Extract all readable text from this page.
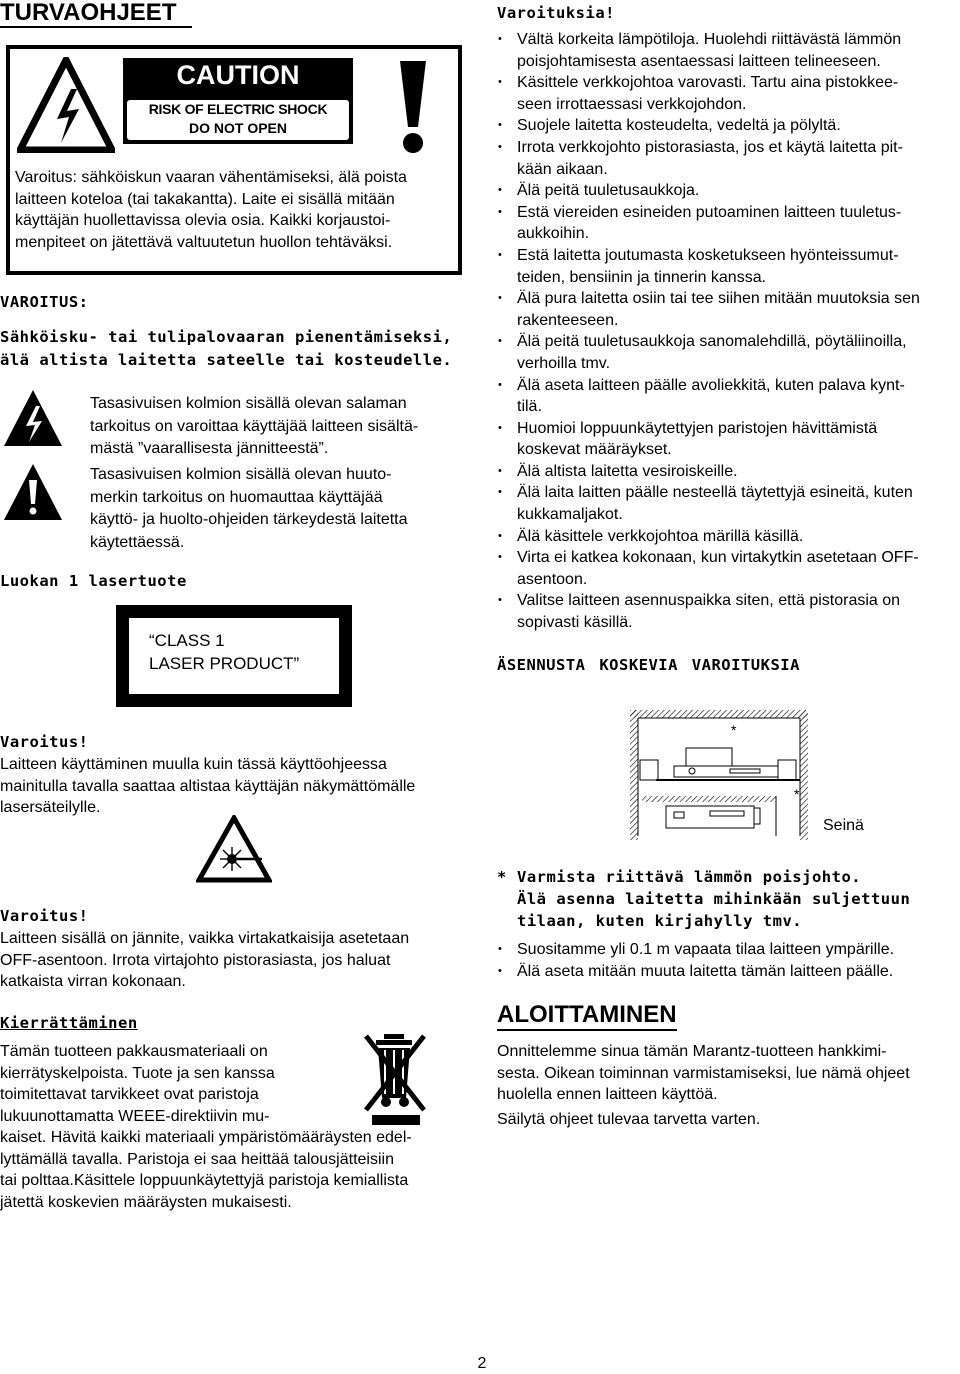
TURVAOHJEET
CAUTION
RISK OF ELECTRIC SHOCK
DO NOT OPEN
Varoitus: sähköiskun vaaran vähentämiseksi, älä poista
laitteen koteloa (tai takakantta). Laite ei sisällä mitään
käyttäjän huollettavissa olevia osia. Kaikki korjaustoi-
menpiteet on jätettävä valtuutetun huollon tehtäväksi.
VAROITUS:
Sähköisku- tai tulipalovaaran pienentämiseksi,
älä altista laitetta sateelle tai kosteudelle.
Tasasivuisen kolmion sisällä olevan salaman
tarkoitus on varoittaa käyttäjää laitteen sisältä-
mästä ”vaarallisesta jännitteestä”.
Tasasivuisen kolmion sisällä olevan huuto-
merkin tarkoitus on huomauttaa käyttäjää
käyttö- ja huolto-ohjeiden tärkeydestä laitetta
käytettäessä.
Luokan 1 lasertuote
“CLASS 1
LASER PRODUCT”
Varoitus!
Laitteen käyttäminen muulla kuin tässä käyttöohjeessa
mainitulla tavalla saattaa altistaa käyttäjän näkymättömälle
lasersäteilylle.
Varoitus!
Laitteen sisällä on jännite, vaikka virtakatkaisija asetetaan
OFF-asentoon. Irrota virtajohto pistorasiasta, jos haluat
katkaista virran kokonaan.
Kierrättäminen
Tämän tuotteen pakkausmateriaali on
kierrätyskelpoista. Tuote ja sen kanssa
toimitettavat tarvikkeet ovat paristoja
lukuunottamatta WEEE-direktiivin mu-
kaiset. Hävitä kaikki materiaali ympäristömääräysten edel-
lyttämällä tavalla. Paristoja ei saa heittää talousjätteisiin
tai polttaa.Käsittele loppuunkäytettyjä paristoja kemiallista
jätettä koskevien määräysten mukaisesti.
Varoituksia!
• Vältä korkeita lämpötiloja. Huolehdi riittävästä lämmön
poisjohtamisesta asentaessasi laitteen telineeseen.
• Käsittele verkkojohtoa varovasti. Tartu aina pistokkee-
seen irrottaessasi verkkojohdon.
• Suojele laitetta kosteudelta, vedeltä ja pölyltä.
• Irrota verkkojohto pistorasiasta, jos et käytä laitetta pit-
kään aikaan.
• Älä peitä tuuletusaukkoja.
• Estä viereiden esineiden putoaminen laitteen tuuletus-
aukkoihin.
• Estä laitetta joutumasta kosketukseen hyönteissumut-
teiden, bensiinin ja tinnerin kanssa.
• Älä pura laitetta osiin tai tee siihen mitään muutoksia sen
rakenteeseen.
• Älä peitä tuuletusaukkoja sanomalehdillä, pöytäliinoilla,
verhoilla tmv.
• Älä aseta laitteen päälle avoliekkitä, kuten palava kynt-
tilä.
• Huomioi loppuunkäytettyjen paristojen hävittämistä
koskevat määräykset.
• Älä altista laitetta vesiroiskeille.
• Älä laita laitten päälle nesteellä täytettyjä esineitä, kuten
kukkamaljakot.
• Älä käsittele verkkojohtoa märillä käsillä.
• Virta ei katkea kokonaan, kun virtakytkin asetetaan OFF-
asentoon.
• Valitse laitteen asennuspaikka siten, että pistorasia on
sopivasti käsillä.
ÄSENNUSTA KOSKEVIA VAROITUKSIA
*
*
Seinä
* Varmista riittävä lämmön poisjohto.
Älä asenna laitetta mihinkään suljettuun
tilaan, kuten kirjahylly tmv.
• Suositamme yli 0.1 m vapaata tilaa laitteen ympärille.
• Älä aseta mitään muuta laitetta tämän laitteen päälle.
ALOITTAMINEN
Onnittelemme sinua tämän Marantz-tuotteen hankkimi-
sesta. Oikean toiminnan varmistamiseksi, lue nämä ohjeet
huolella ennen laitteen käyttöä.
Säilytä ohjeet tulevaa tarvetta varten.
2
